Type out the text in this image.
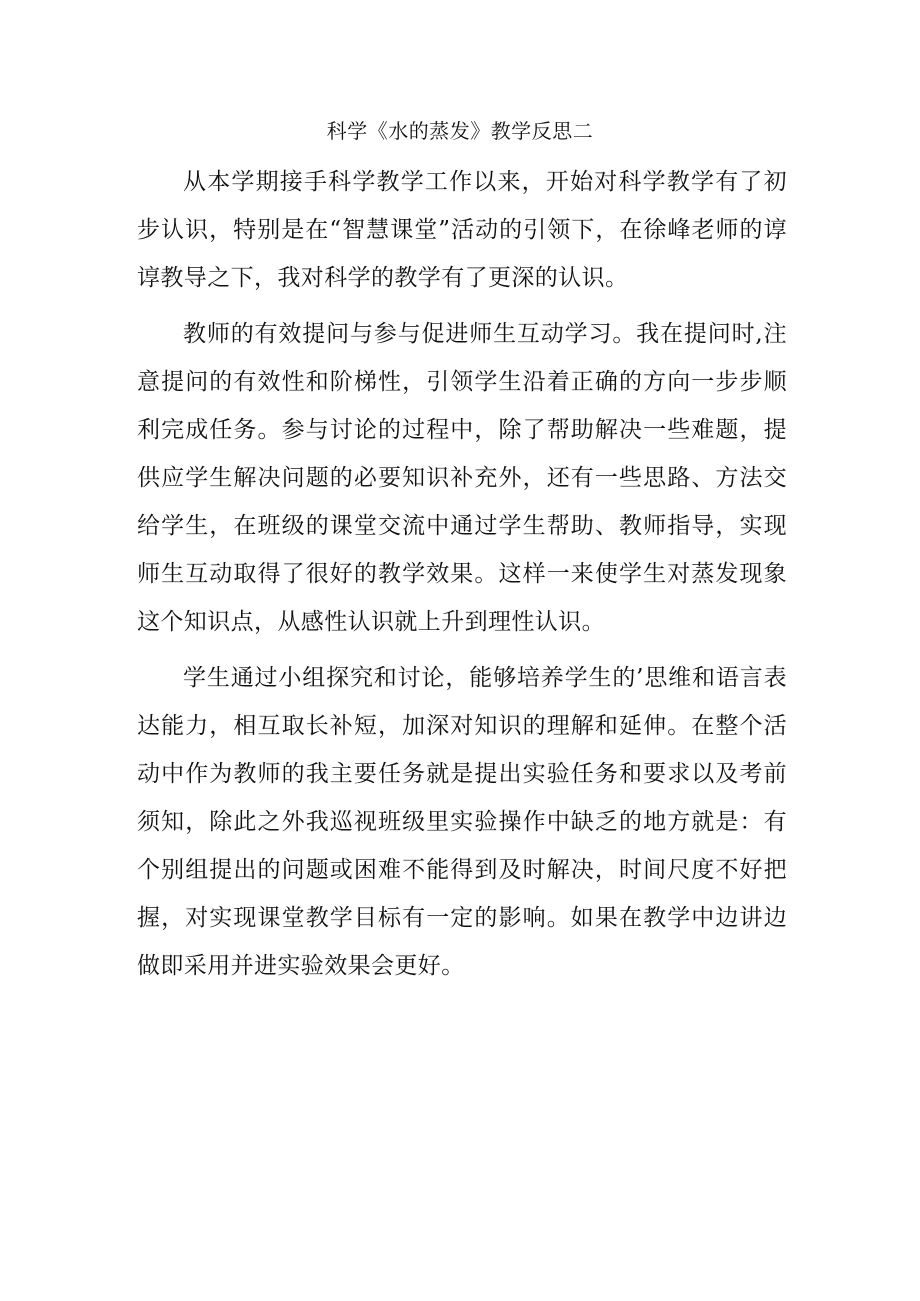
科学《水的蒸发》教学反思二

从本学期接手科学教学工作以来，开始对科学教学有了初步认识，特别是在“智慧课堂”活动的引领下，在徐峰老师的谆谆教导之下，我对科学的教学有了更深的认识。

教师的有效提问与参与促进师生互动学习。我在提问时,注意提问的有效性和阶梯性，引领学生沿着正确的方向一步步顺利完成任务。参与讨论的过程中，除了帮助解决一些难题，提供应学生解决问题的必要知识补充外，还有一些思路、方法交给学生，在班级的课堂交流中通过学生帮助、教师指导，实现师生互动取得了很好的教学效果。这样一来使学生对蒸发现象这个知识点，从感性认识就上升到理性认识。

学生通过小组探究和讨论，能够培养学生的’思维和语言表达能力，相互取长补短，加深对知识的理解和延伸。在整个活动中作为教师的我主要任务就是提出实验任务和要求以及考前须知，除此之外我巡视班级里实验操作中缺乏的地方就是：有个别组提出的问题或困难不能得到及时解决，时间尺度不好把握，对实现课堂教学目标有一定的影响。如果在教学中边讲边做即采用并进实验效果会更好。
